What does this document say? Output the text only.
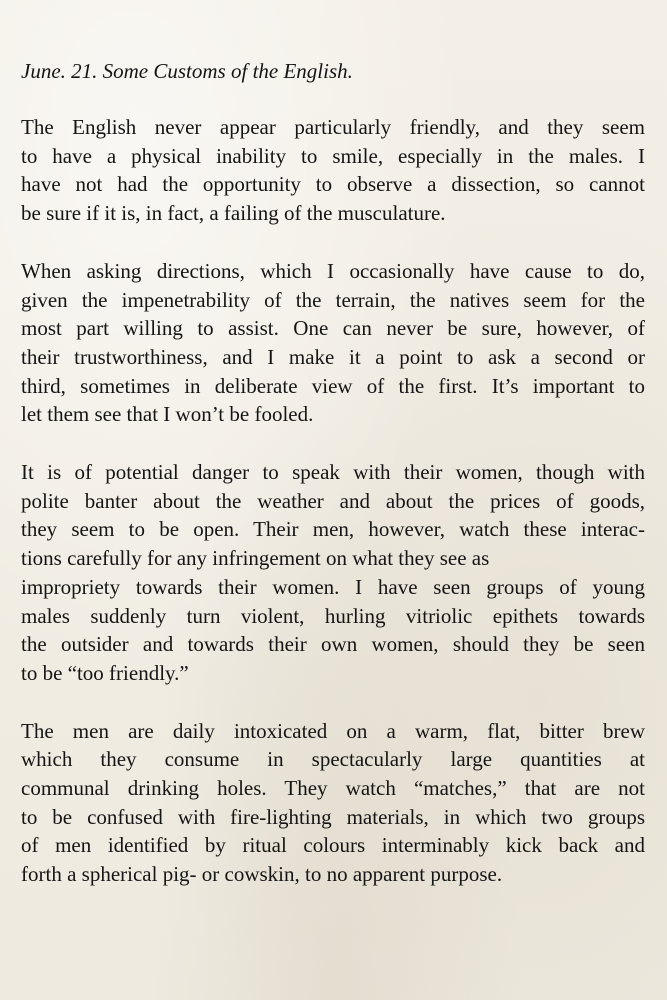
June. 21. Some Customs of the English.
The English never appear particularly friendly, and they seem
to have a physical inability to smile, especially in the males. I
have not had the opportunity to observe a dissection, so cannot
be sure if it is, in fact, a failing of the musculature.
When asking directions, which I occasionally have cause to do,
given the impenetrability of the terrain, the natives seem for the
most part willing to assist. One can never be sure, however, of
their trustworthiness, and I make it a point to ask a second or
third, sometimes in deliberate view of the first. It’s important to
let them see that I won’t be fooled.
It is of potential danger to speak with their women, though with
polite banter about the weather and about the prices of goods,
they seem to be open. Their men, however, watch these interac-
tions carefully for any infringement on what they see as
impropriety towards their women. I have seen groups of young
males suddenly turn violent, hurling vitriolic epithets towards
the outsider and towards their own women, should they be seen
to be “too friendly.”
The men are daily intoxicated on a warm, flat, bitter brew
which they consume in spectacularly large quantities at
communal drinking holes. They watch “matches,” that are not
to be confused with fire-lighting materials, in which two groups
of men identified by ritual colours interminably kick back and
forth a spherical pig- or cowskin, to no apparent purpose.
